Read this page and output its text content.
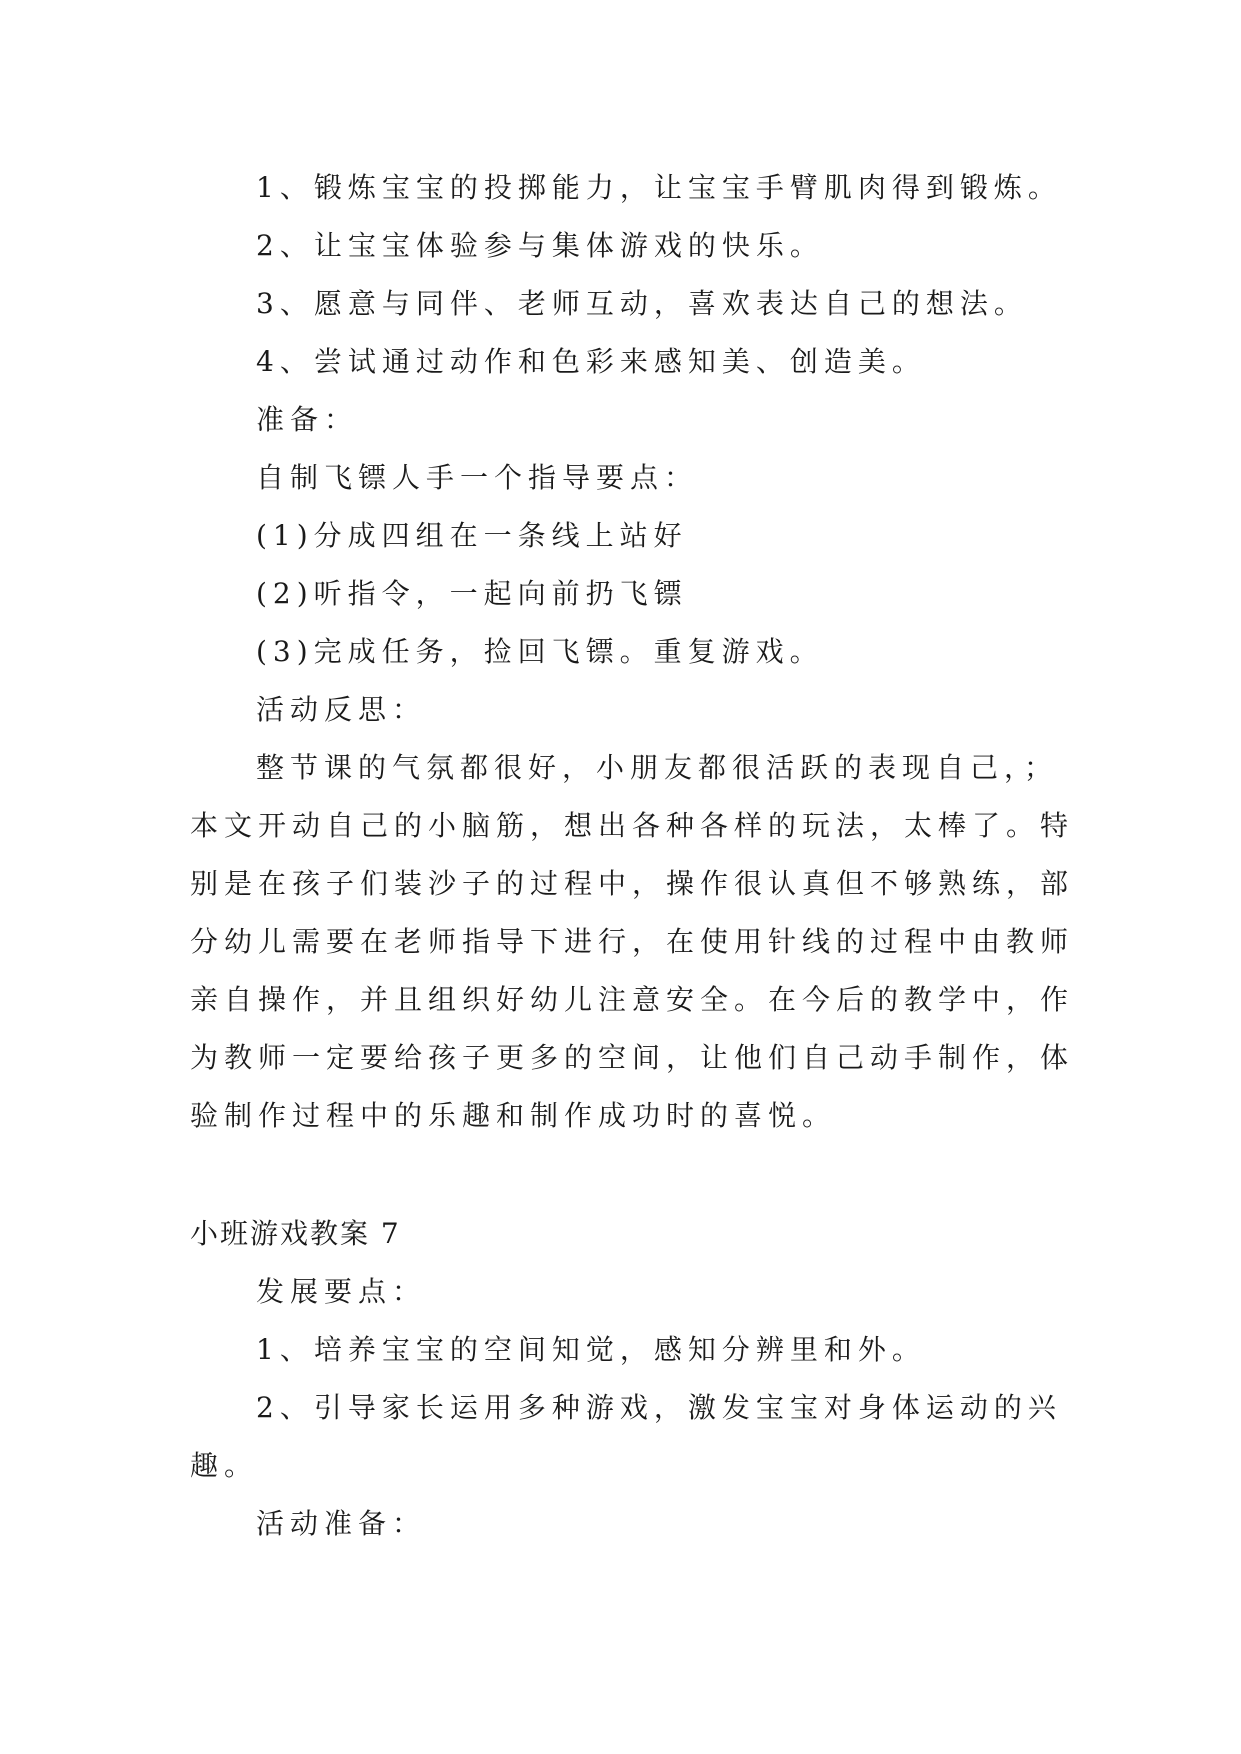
1、锻炼宝宝的投掷能力，让宝宝手臂肌肉得到锻炼。
2、让宝宝体验参与集体游戏的快乐。
3、愿意与同伴、老师互动，喜欢表达自己的想法。
4、尝试通过动作和色彩来感知美、创造美。
准备：
自制飞镖人手一个指导要点：
(1)分成四组在一条线上站好
(2)听指令，一起向前扔飞镖
(3)完成任务，捡回飞镖。重复游戏。
活动反思：
整节课的气氛都很好，小朋友都很活跃的表现自己，；
本文开动自己的小脑筋，想出各种各样的玩法，太棒了。特
别是在孩子们装沙子的过程中，操作很认真但不够熟练，部
分幼儿需要在老师指导下进行，在使用针线的过程中由教师
亲自操作，并且组织好幼儿注意安全。在今后的教学中，作
为教师一定要给孩子更多的空间，让他们自己动手制作，体
验制作过程中的乐趣和制作成功时的喜悦。
小班游戏教案 7
发展要点：
1、培养宝宝的空间知觉，感知分辨里和外。
2、引导家长运用多种游戏，激发宝宝对身体运动的兴
趣。
活动准备：
